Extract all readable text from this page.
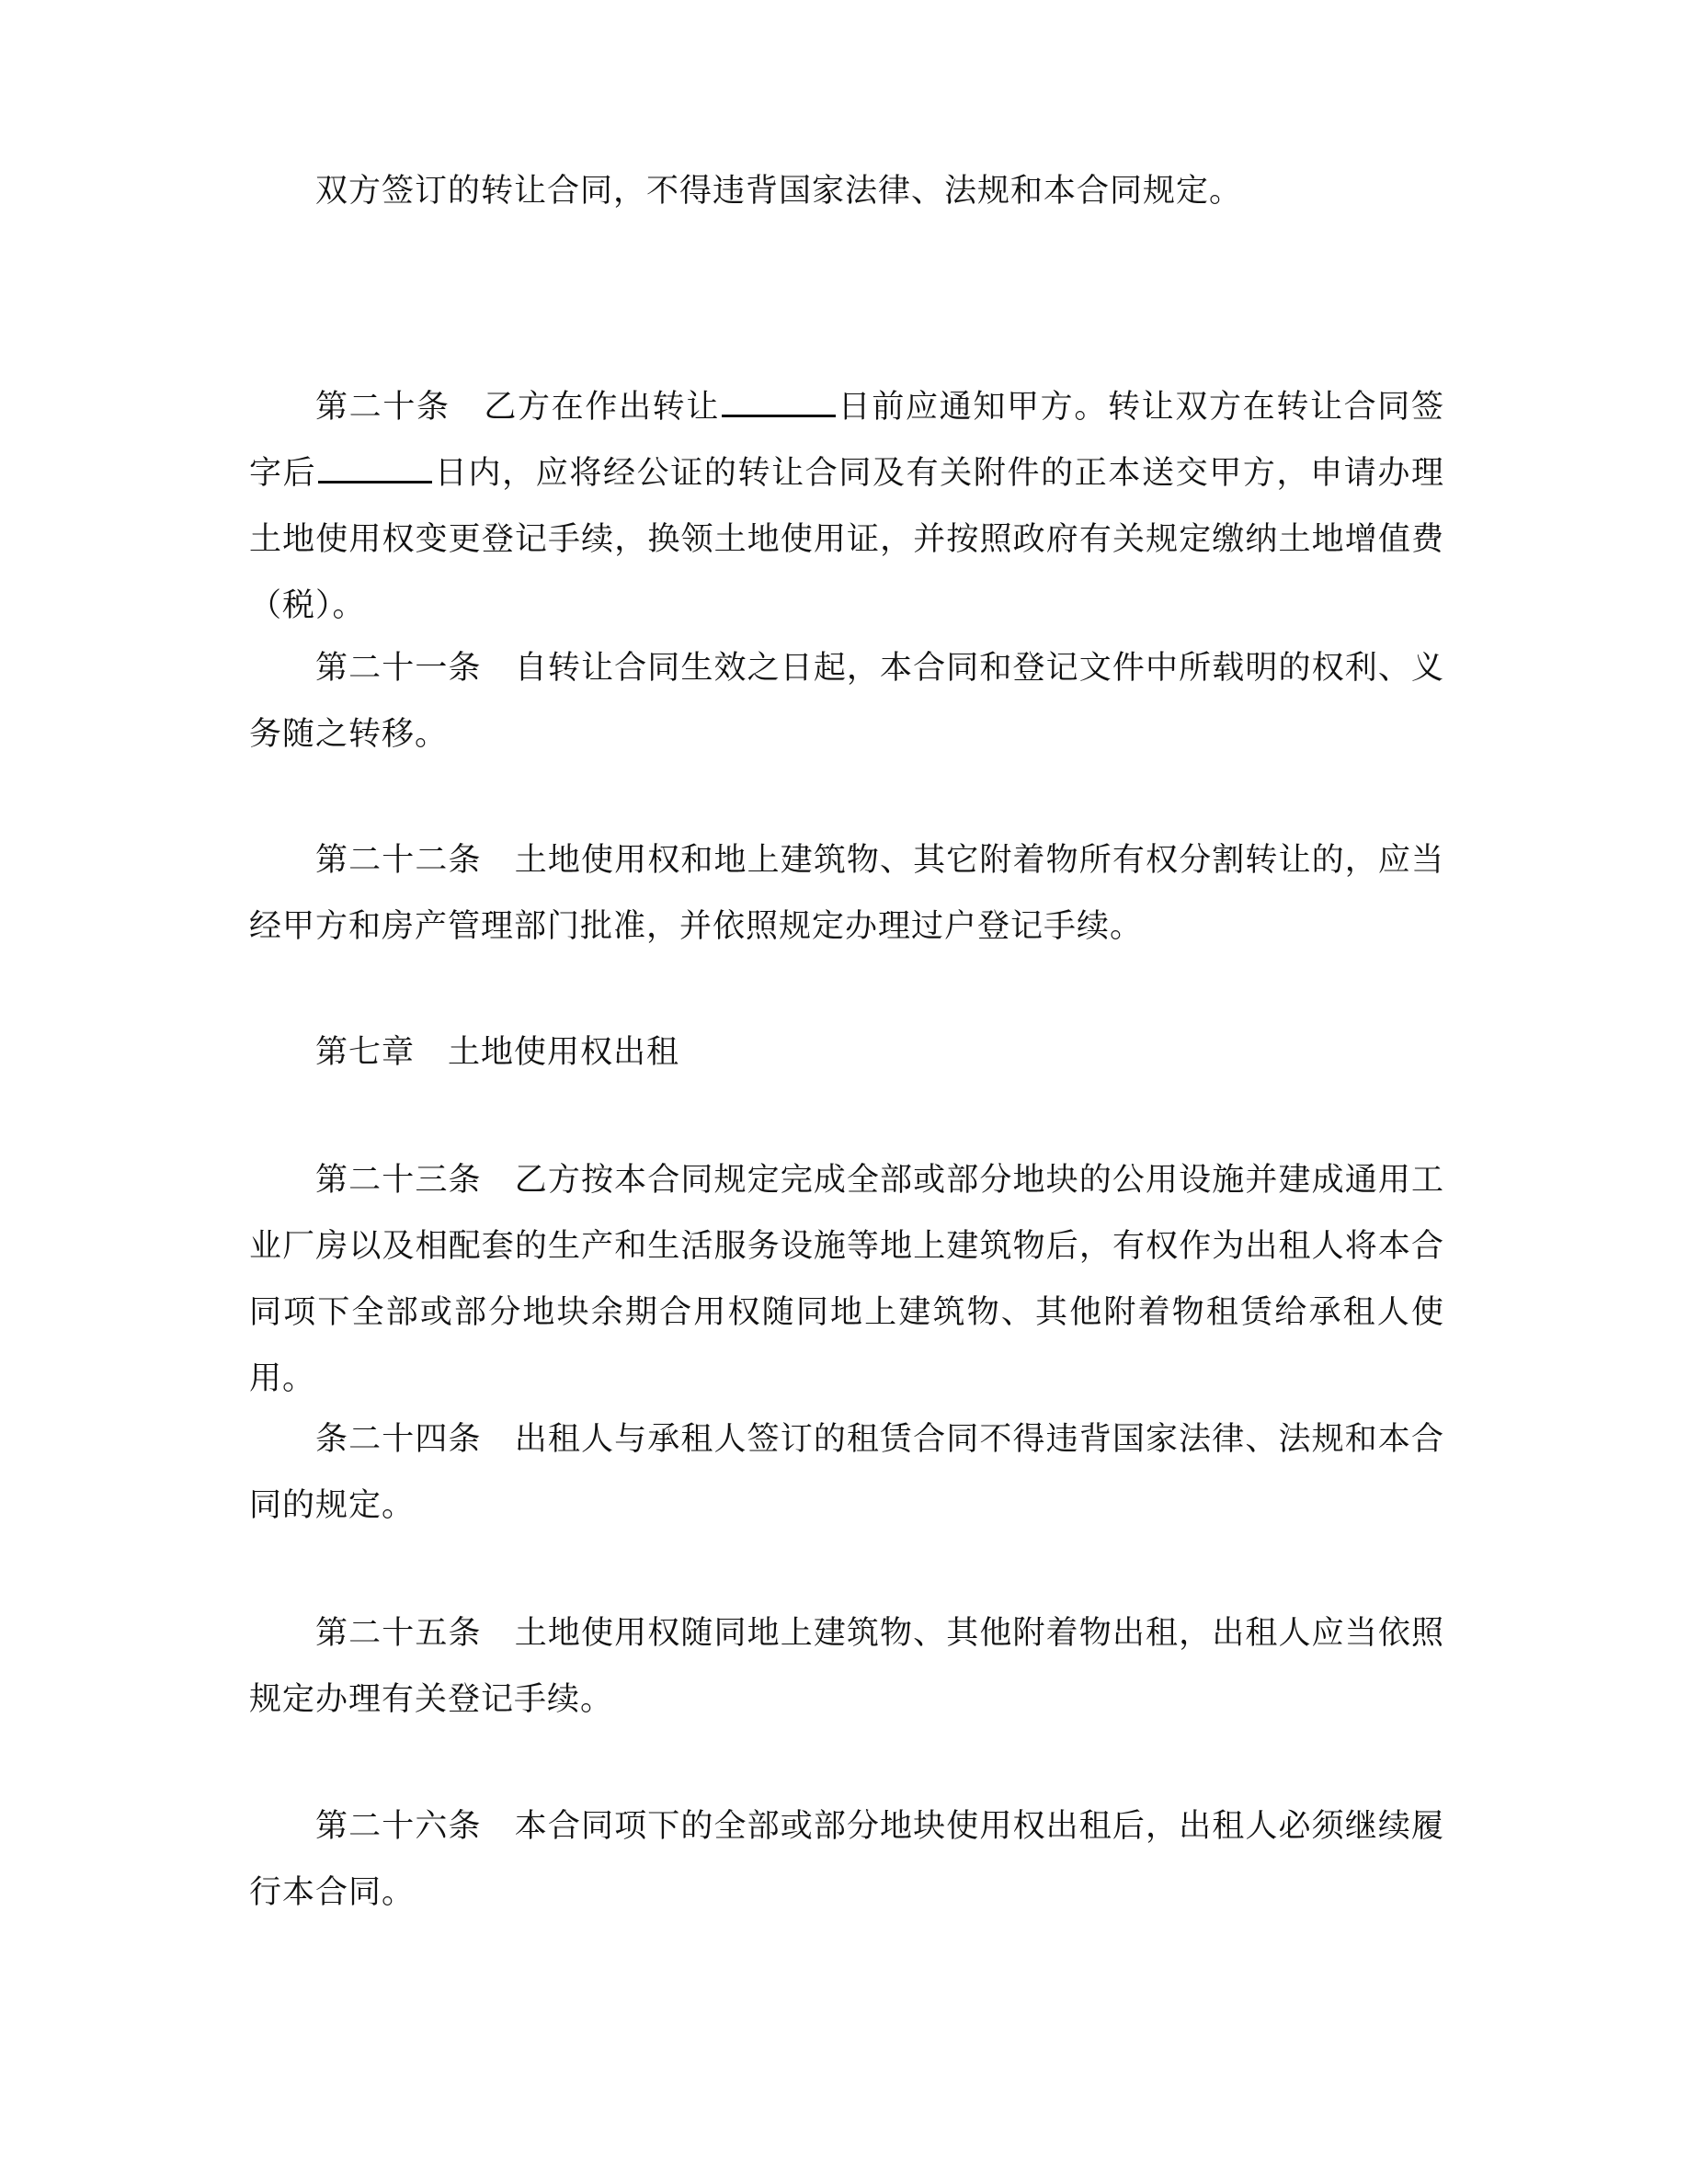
双方签订的转让合同，不得违背国家法律、法规和本合同规定。

第二十条 乙方在作出转让	日前应通知甲方。转让双方在转让合同签字后	日内，应将经公证的转让合同及有关附件的正本送交甲方，申请办理土地使用权变更登记手续，换领土地使用证，并按照政府有关规定缴纳土地增值费（税）。

第二十一条 自转让合同生效之日起，本合同和登记文件中所载明的权利、义务随之转移。

第二十二条 土地使用权和地上建筑物、其它附着物所有权分割转让的，应当经甲方和房产管理部门批准，并依照规定办理过户登记手续。

第七章 土地使用权出租

第二十三条 乙方按本合同规定完成全部或部分地块的公用设施并建成通用工业厂房以及相配套的生产和生活服务设施等地上建筑物后，有权作为出租人将本合同项下全部或部分地块余期合用权随同地上建筑物、其他附着物租赁给承租人使用。

条二十四条 出租人与承租人签订的租赁合同不得违背国家法律、法规和本合同的规定。

第二十五条 土地使用权随同地上建筑物、其他附着物出租，出租人应当依照规定办理有关登记手续。

第二十六条 本合同项下的全部或部分地块使用权出租后，出租人必须继续履行本合同。
